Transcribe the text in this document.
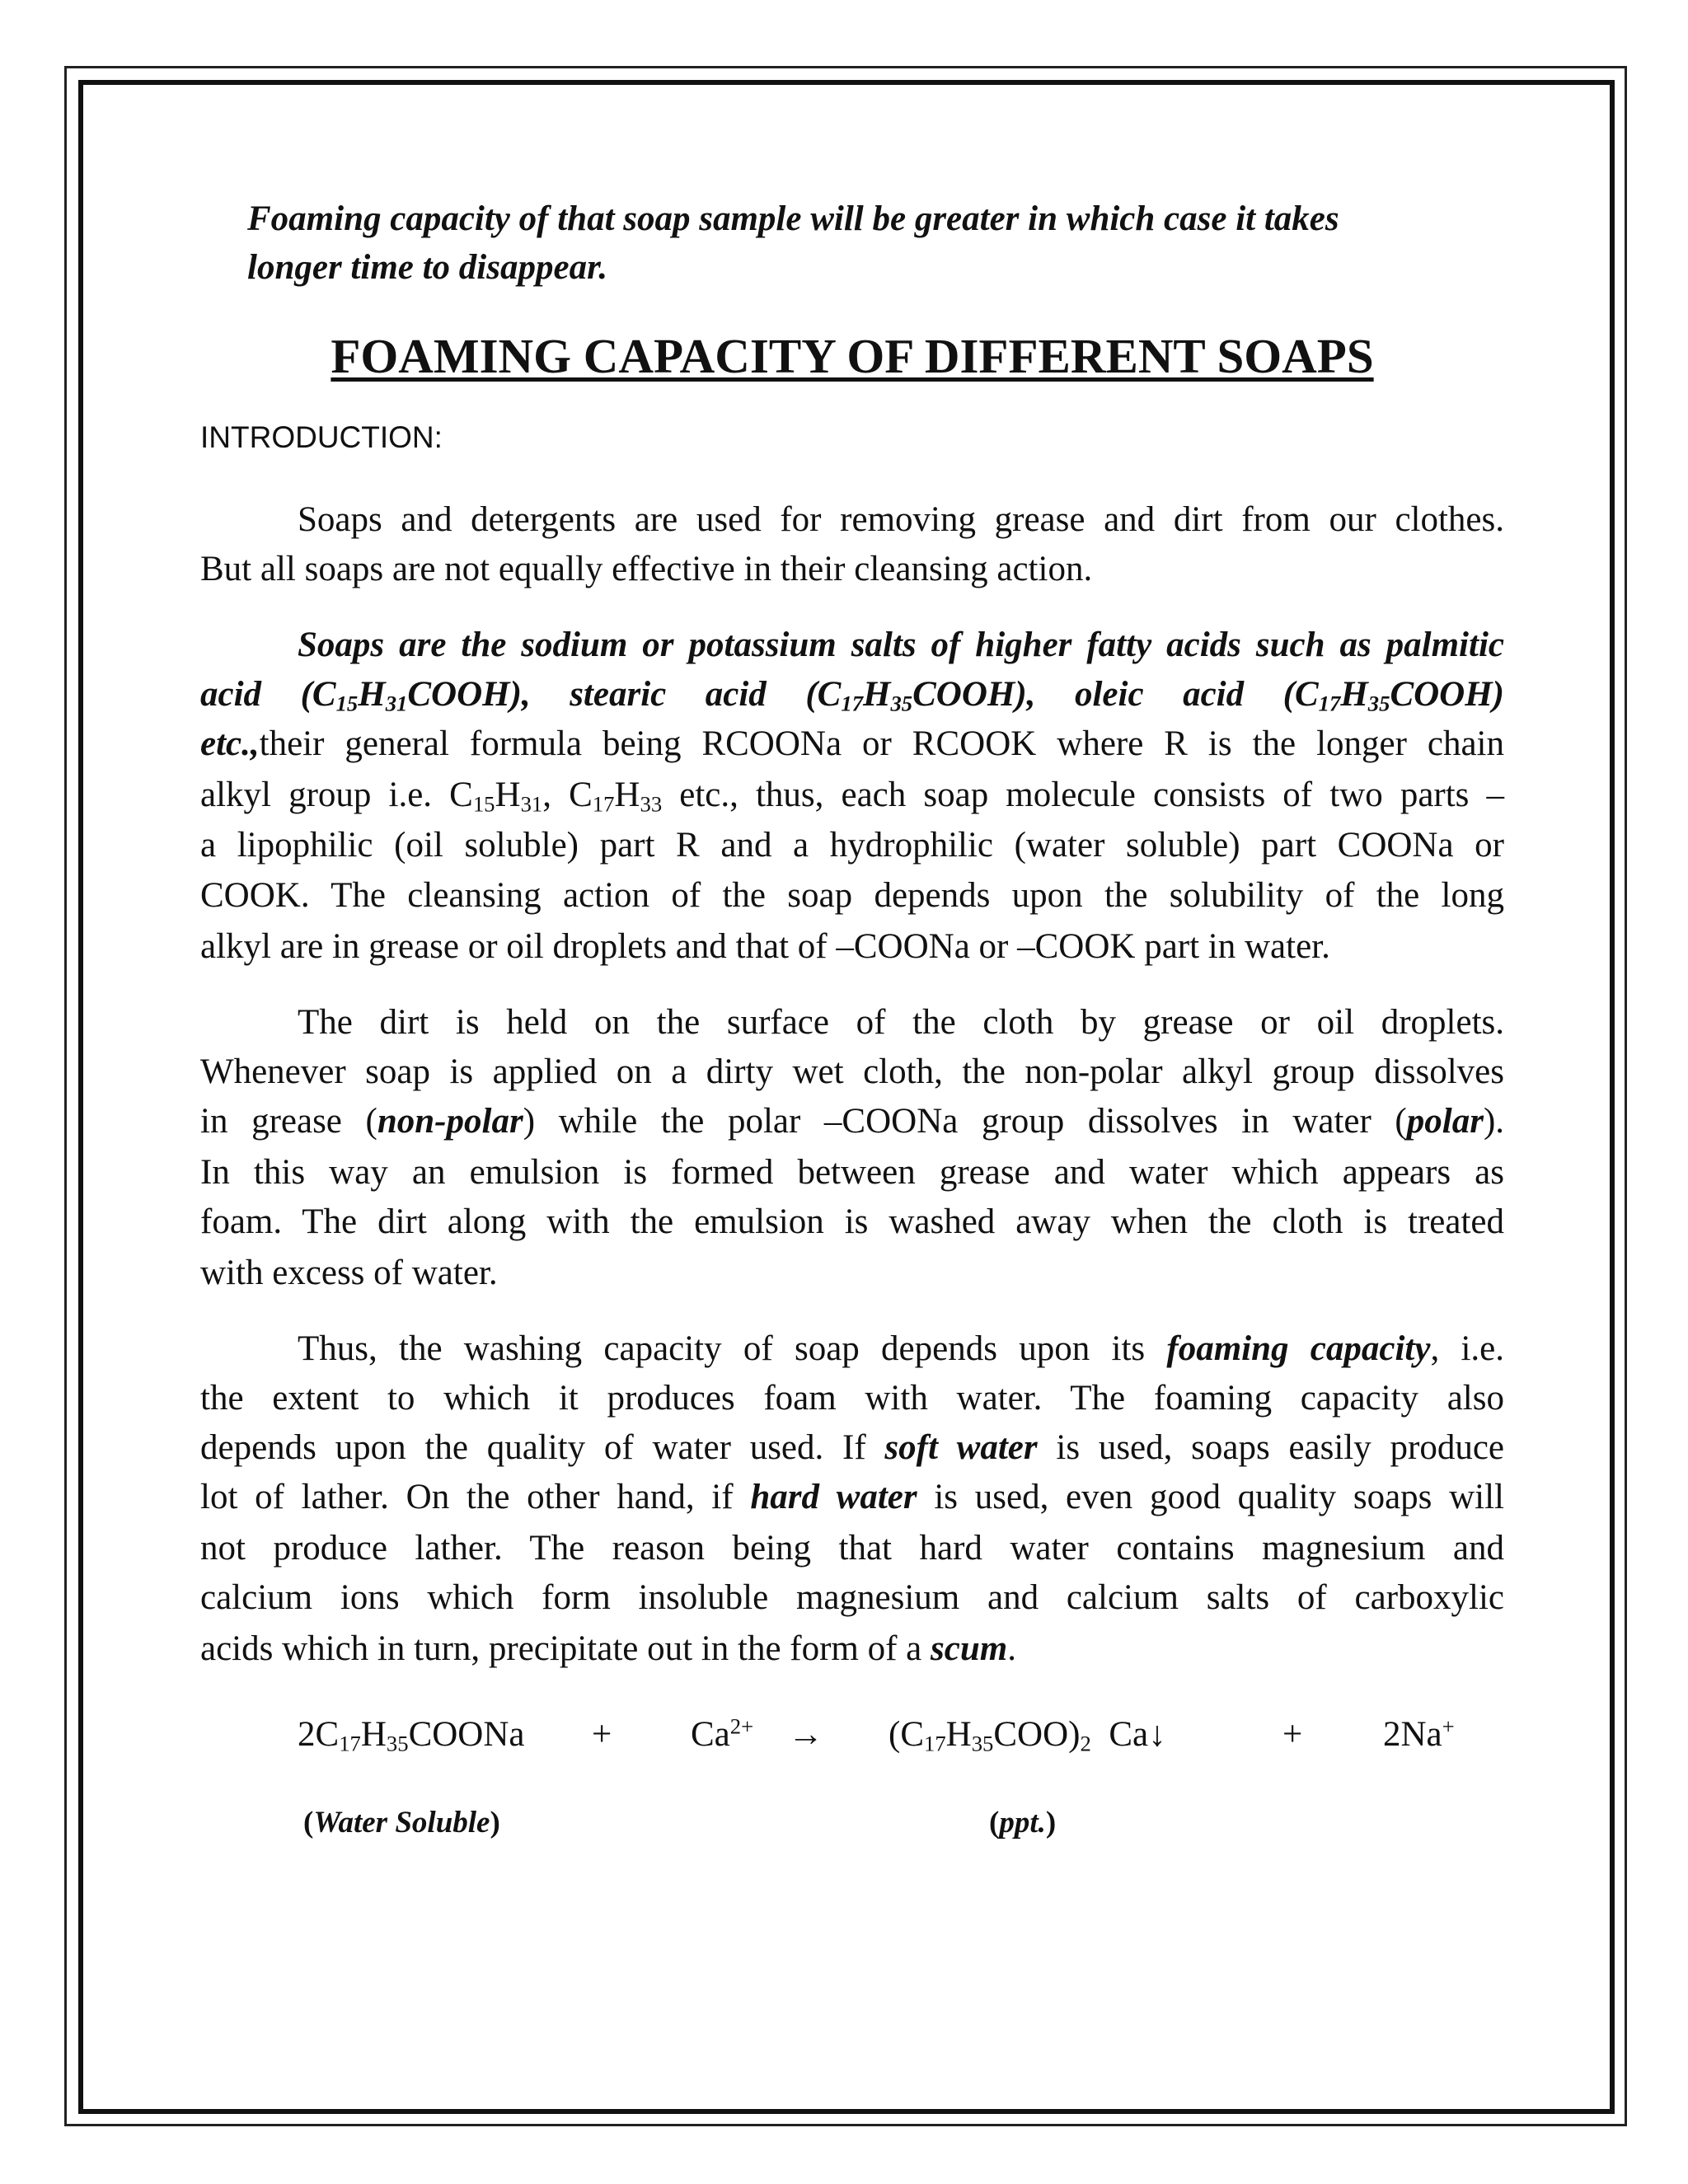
Foaming capacity of that soap sample will be greater in which case it takes
longer time to disappear.
FOAMING CAPACITY OF DIFFERENT SOAPS
INTRODUCTION:
Soaps and detergents are used for removing grease and dirt from our clothes.
But all soaps are not equally effective in their cleansing action.
Soaps are the sodium or potassium salts of higher fatty acids such as palmitic
acid $(C_{15}H_{31}COOH)$, stearic acid $(C_{17}H_{35}COOH)$, oleic acid $(C_{17}H_{35}COOH)$
etc.,their general formula being RCOONa or RCOOK where R is the longer chain
alkyl group i.e. $C_{15}H_{31}$, $C_{17}H_{33}$ etc., thus, each soap molecule consists of two parts –
a lipophilic (oil soluble) part R and a hydrophilic (water soluble) part COONa or
COOK. The cleansing action of the soap depends upon the solubility of the long
alkyl are in grease or oil droplets and that of –COONa or –COOK part in water.
The dirt is held on the surface of the cloth by grease or oil droplets.
Whenever soap is applied on a dirty wet cloth, the non-polar alkyl group dissolves
in grease (non-polar) while the polar –COONa group dissolves in water (polar).
In this way an emulsion is formed between grease and water which appears as
foam. The dirt along with the emulsion is washed away when the cloth is treated
with excess of water.
Thus, the washing capacity of soap depends upon its foaming capacity, i.e.
the extent to which it produces foam with water. The foaming capacity also
depends upon the quality of water used. If soft water is used, soaps easily produce
lot of lather. On the other hand, if hard water is used, even good quality soaps will
not produce lather. The reason being that hard water contains magnesium and
calcium ions which form insoluble magnesium and calcium salts of carboxylic
acids which in turn, precipitate out in the form of a scum.
$2C_{17}H_{35}COONa + Ca^{2+} \to (C_{17}H_{35}COO)_2$  Ca↓	+ 2Na+
(Water Soluble)	(ppt.)
